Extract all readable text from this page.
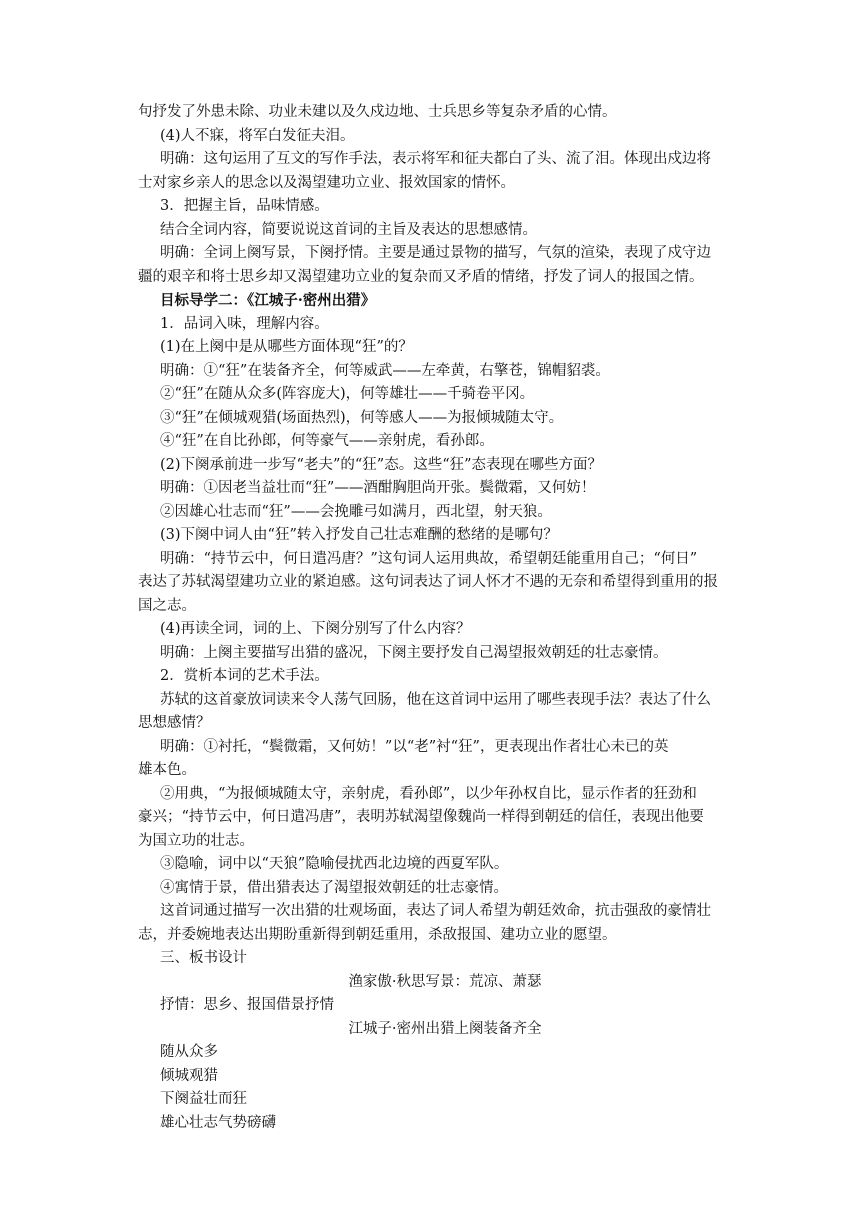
句抒发了外患未除、功业未建以及久戍边地、士兵思乡等复杂矛盾的心情。
(4)人不寐，将军白发征夫泪。
明确：这句运用了互文的写作手法，表示将军和征夫都白了头、流了泪。体现出戍边将
士对家乡亲人的思念以及渴望建功立业、报效国家的情怀。
3．把握主旨，品味情感。
结合全词内容，简要说说这首词的主旨及表达的思想感情。
明确：全词上阕写景，下阕抒情。主要是通过景物的描写，气氛的渲染，表现了戍守边
疆的艰辛和将士思乡却又渴望建功立业的复杂而又矛盾的情绪，抒发了词人的报国之情。
目标导学二：《江城子·密州出猎》
1．品词入味，理解内容。
(1)在上阕中是从哪些方面体现“狂”的？
明确：①“狂”在装备齐全，何等威武——左牵黄，右擎苍，锦帽貂裘。
②“狂”在随从众多(阵容庞大)，何等雄壮——千骑卷平冈。
③“狂”在倾城观猎(场面热烈)，何等感人——为报倾城随太守。
④“狂”在自比孙郎，何等豪气——亲射虎，看孙郎。
(2)下阕承前进一步写“老夫”的“狂”态。这些“狂”态表现在哪些方面？
明确：①因老当益壮而“狂”——酒酣胸胆尚开张。鬓微霜，又何妨！
②因雄心壮志而“狂”——会挽雕弓如满月，西北望，射天狼。
(3)下阕中词人由“狂”转入抒发自己壮志难酬的愁绪的是哪句？
明确：“持节云中，何日遣冯唐？”这句词人运用典故，希望朝廷能重用自己；“何日”
表达了苏轼渴望建功立业的紧迫感。这句词表达了词人怀才不遇的无奈和希望得到重用的报
国之志。
(4)再读全词，词的上、下阕分别写了什么内容？
明确：上阕主要描写出猎的盛况，下阕主要抒发自己渴望报效朝廷的壮志豪情。
2．赏析本词的艺术手法。
苏轼的这首豪放词读来令人荡气回肠，他在这首词中运用了哪些表现手法？表达了什么
思想感情？
明确：①衬托，“鬓微霜，又何妨！”以“老”衬“狂”，更表现出作者壮心未已的英
雄本色。
②用典，“为报倾城随太守，亲射虎，看孙郎”，以少年孙权自比，显示作者的狂劲和
豪兴；“持节云中，何日遣冯唐”，表明苏轼渴望像魏尚一样得到朝廷的信任，表现出他要
为国立功的壮志。
③隐喻，词中以“天狼”隐喻侵扰西北边境的西夏军队。
④寓情于景，借出猎表达了渴望报效朝廷的壮志豪情。
这首词通过描写一次出猎的壮观场面，表达了词人希望为朝廷效命，抗击强敌的豪情壮
志，并委婉地表达出期盼重新得到朝廷重用，杀敌报国、建功立业的愿望。
三、板书设计
渔家傲·秋思写景：荒凉、萧瑟
抒情：思乡、报国借景抒情
江城子·密州出猎上阕装备齐全
随从众多
倾城观猎
下阕益壮而狂
雄心壮志气势磅礴
